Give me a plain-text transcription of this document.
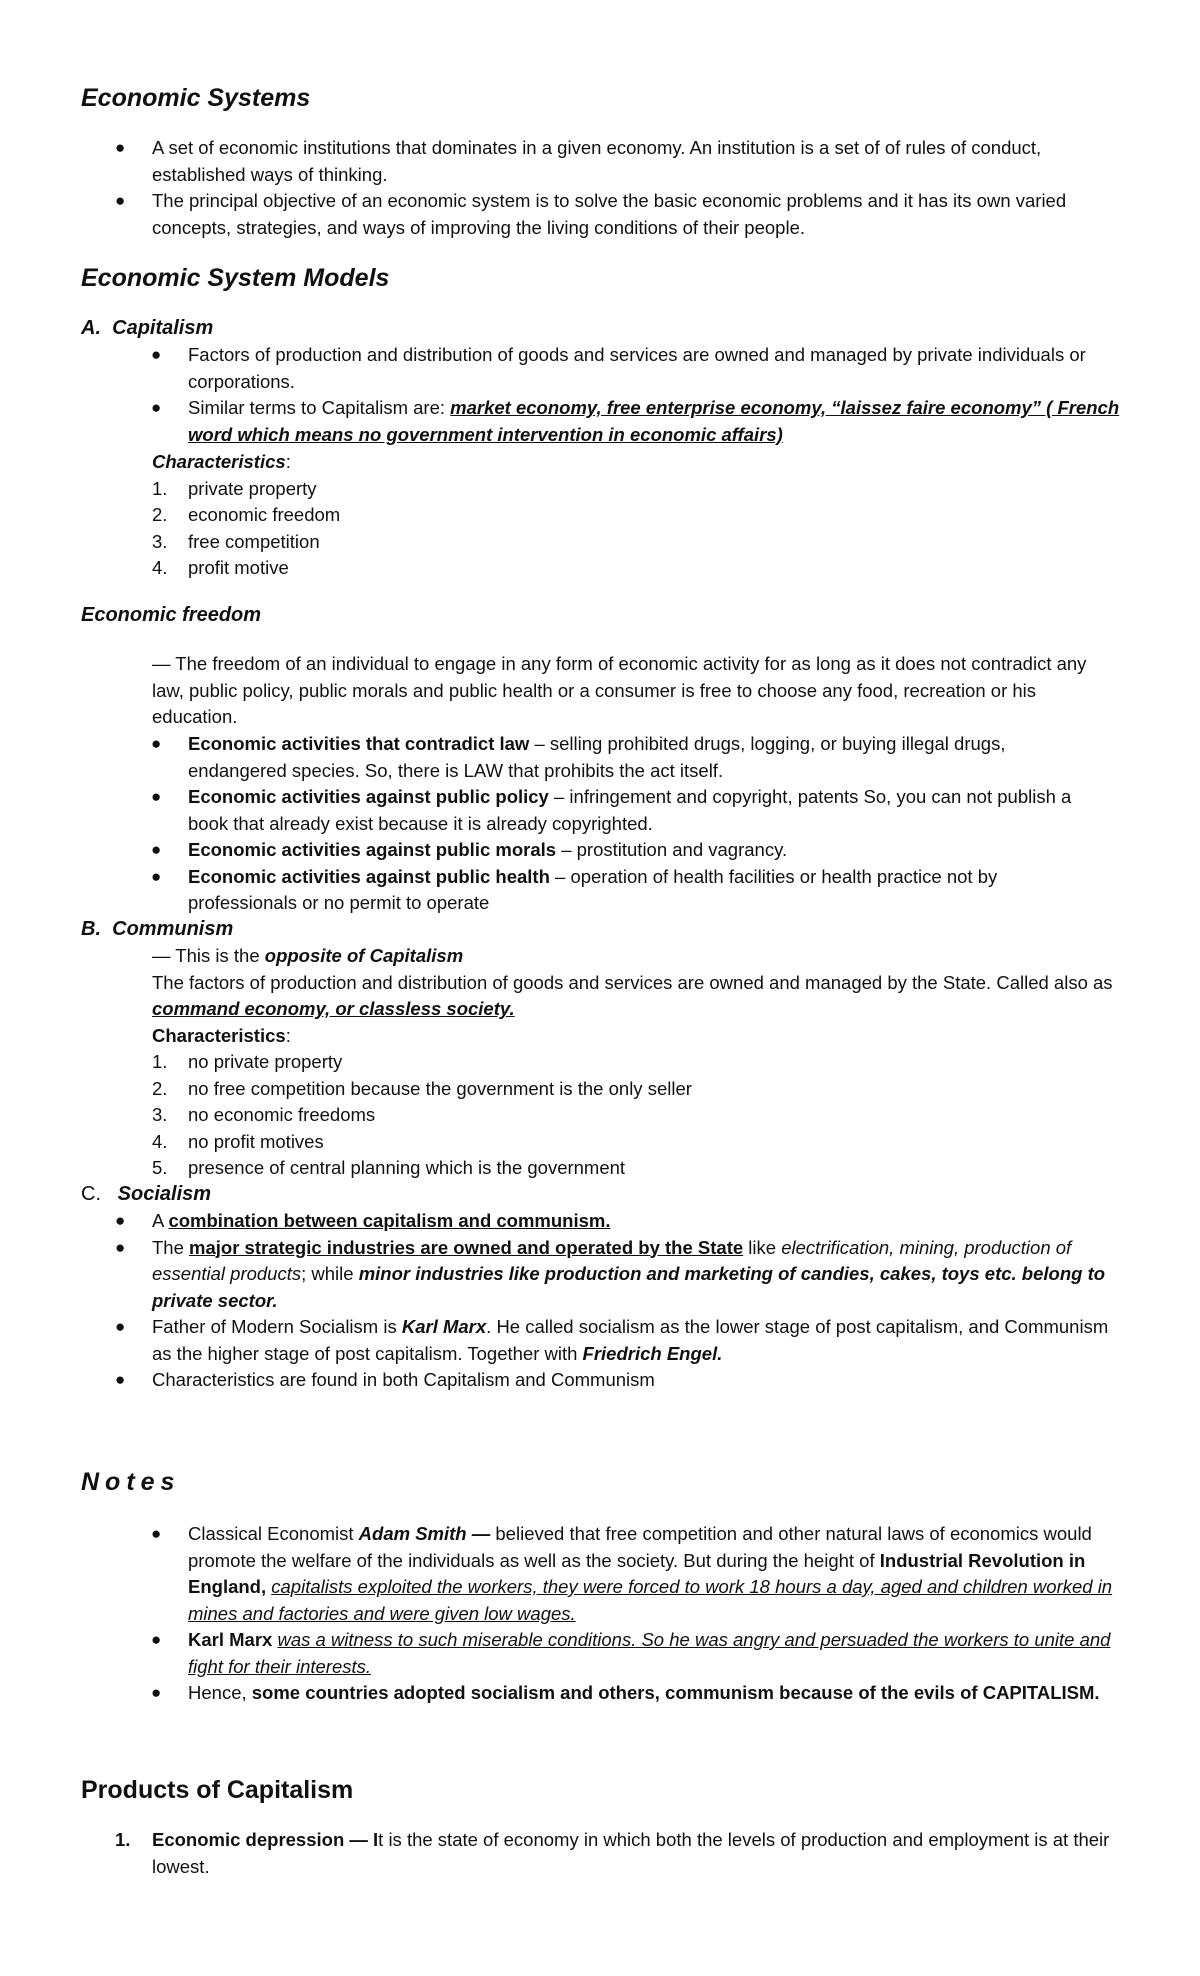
Economic Systems
● A set of economic institutions that dominates in a given economy. An institution is a set of of rules of conduct, established ways of thinking.
● The principal objective of an economic system is to solve the basic economic problems and it has its own varied concepts, strategies, and ways of improving the living conditions of their people.
Economic System Models
A. Capitalism
● Factors of production and distribution of goods and services are owned and managed by private individuals or corporations.
● Similar terms to Capitalism are: market economy, free enterprise economy, “laissez faire economy” ( French word which means no government intervention in economic affairs)
Characteristics:
1. private property
2. economic freedom
3. free competition
4. profit motive
Economic freedom
— The freedom of an individual to engage in any form of economic activity for as long as it does not contradict any law, public policy, public morals and public health or a consumer is free to choose any food, recreation or his education.
● Economic activities that contradict law – selling prohibited drugs, logging, or buying illegal drugs, endangered species. So, there is LAW that prohibits the act itself.
● Economic activities against public policy – infringement and copyright, patents So, you can not publish a book that already exist because it is already copyrighted.
● Economic activities against public morals – prostitution and vagrancy.
● Economic activities against public health – operation of health facilities or health practice not by professionals or no permit to operate
B. Communism
— This is the opposite of Capitalism
The factors of production and distribution of goods and services are owned and managed by the State. Called also as command economy, or classless society.
Characteristics:
1. no private property
2. no free competition because the government is the only seller
3. no economic freedoms
4. no profit motives
5. presence of central planning which is the government
C. Socialism
● A combination between capitalism and communism.
● The major strategic industries are owned and operated by the State like electrification, mining, production of essential products; while minor industries like production and marketing of candies, cakes, toys etc. belong to private sector.
● Father of Modern Socialism is Karl Marx. He called socialism as the lower stage of post capitalism, and Communism as the higher stage of post capitalism. Together with Friedrich Engel.
● Characteristics are found in both Capitalism and Communism
Notes
● Classical Economist Adam Smith — believed that free competition and other natural laws of economics would promote the welfare of the individuals as well as the society. But during the height of Industrial Revolution in England, capitalists exploited the workers, they were forced to work 18 hours a day, aged and children worked in mines and factories and were given low wages.
● Karl Marx was a witness to such miserable conditions. So he was angry and persuaded the workers to unite and fight for their interests.
● Hence, some countries adopted socialism and others, communism because of the evils of CAPITALISM.
Products of Capitalism
1. Economic depression — It is the state of economy in which both the levels of production and employment is at their lowest.
